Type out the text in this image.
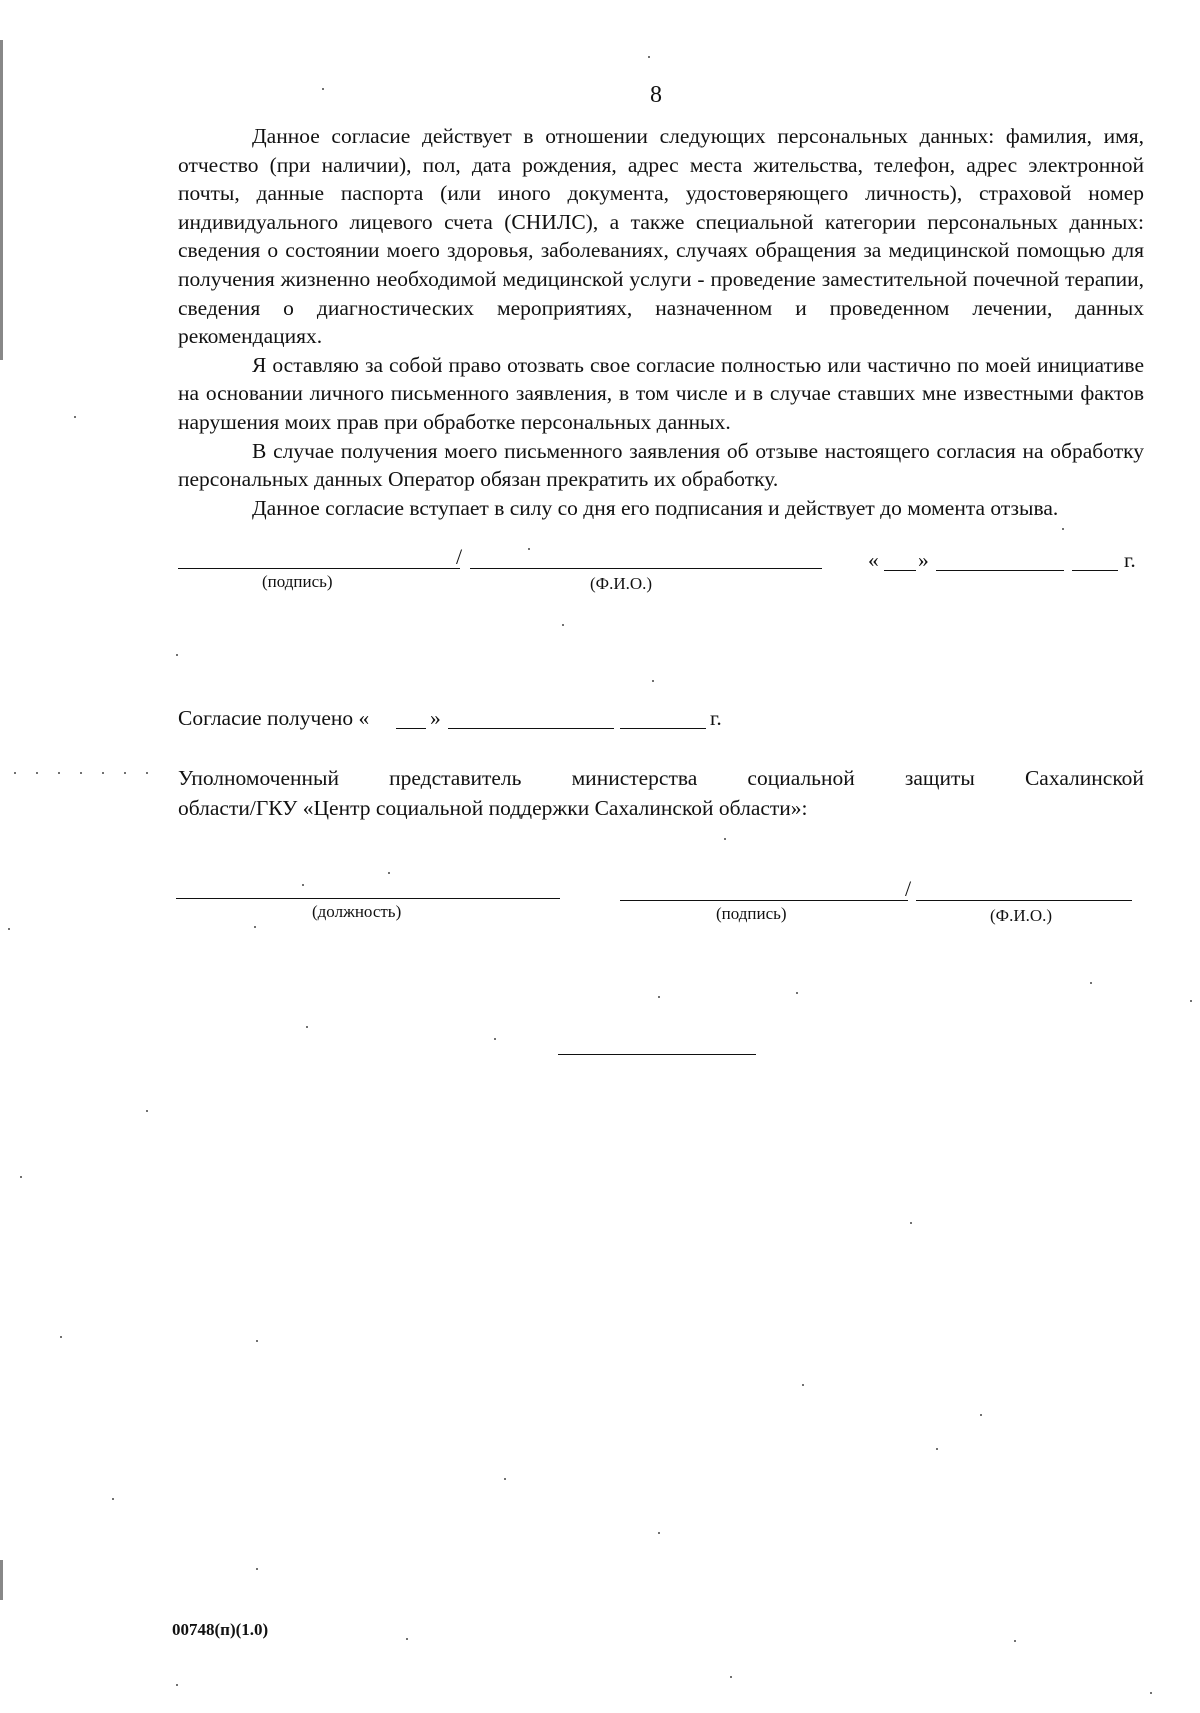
8

Данное согласие действует в отношении следующих персональных данных: фамилия, имя, отчество (при наличии), пол, дата рождения, адрес места жительства, телефон, адрес электронной почты, данные паспорта (или иного документа, удостоверяющего личность), страховой номер индивидуального лицевого счета (СНИЛС), а также специальной категории персональных данных: сведения о состоянии моего здоровья, заболеваниях, случаях обращения за медицинской помощью для получения жизненно необходимой медицинской услуги - проведение заместительной почечной терапии, сведения о диагностических мероприятиях, назначенном и проведенном лечении, данных рекомендациях.

Я оставляю за собой право отозвать свое согласие полностью или частично по моей инициативе на основании личного письменного заявления, в том числе и в случае ставших мне известными фактов нарушения моих прав при обработке персональных данных.

В случае получения моего письменного заявления об отзыве настоящего согласия на обработку персональных данных Оператор обязан прекратить их обработку.

Данное согласие вступает в силу со дня его подписания и действует до момента отзыва.

/
(подпись)	(Ф.И.О.)
« »	г.
Согласие получено «	»	г.
Уполномоченный представитель министерства социальной защиты Сахалинской
области/ГКУ «Центр социальной поддержки Сахалинской области»:
(должность)
/
(подпись)	(Ф.И.О.)
00748(п)(1.0)
